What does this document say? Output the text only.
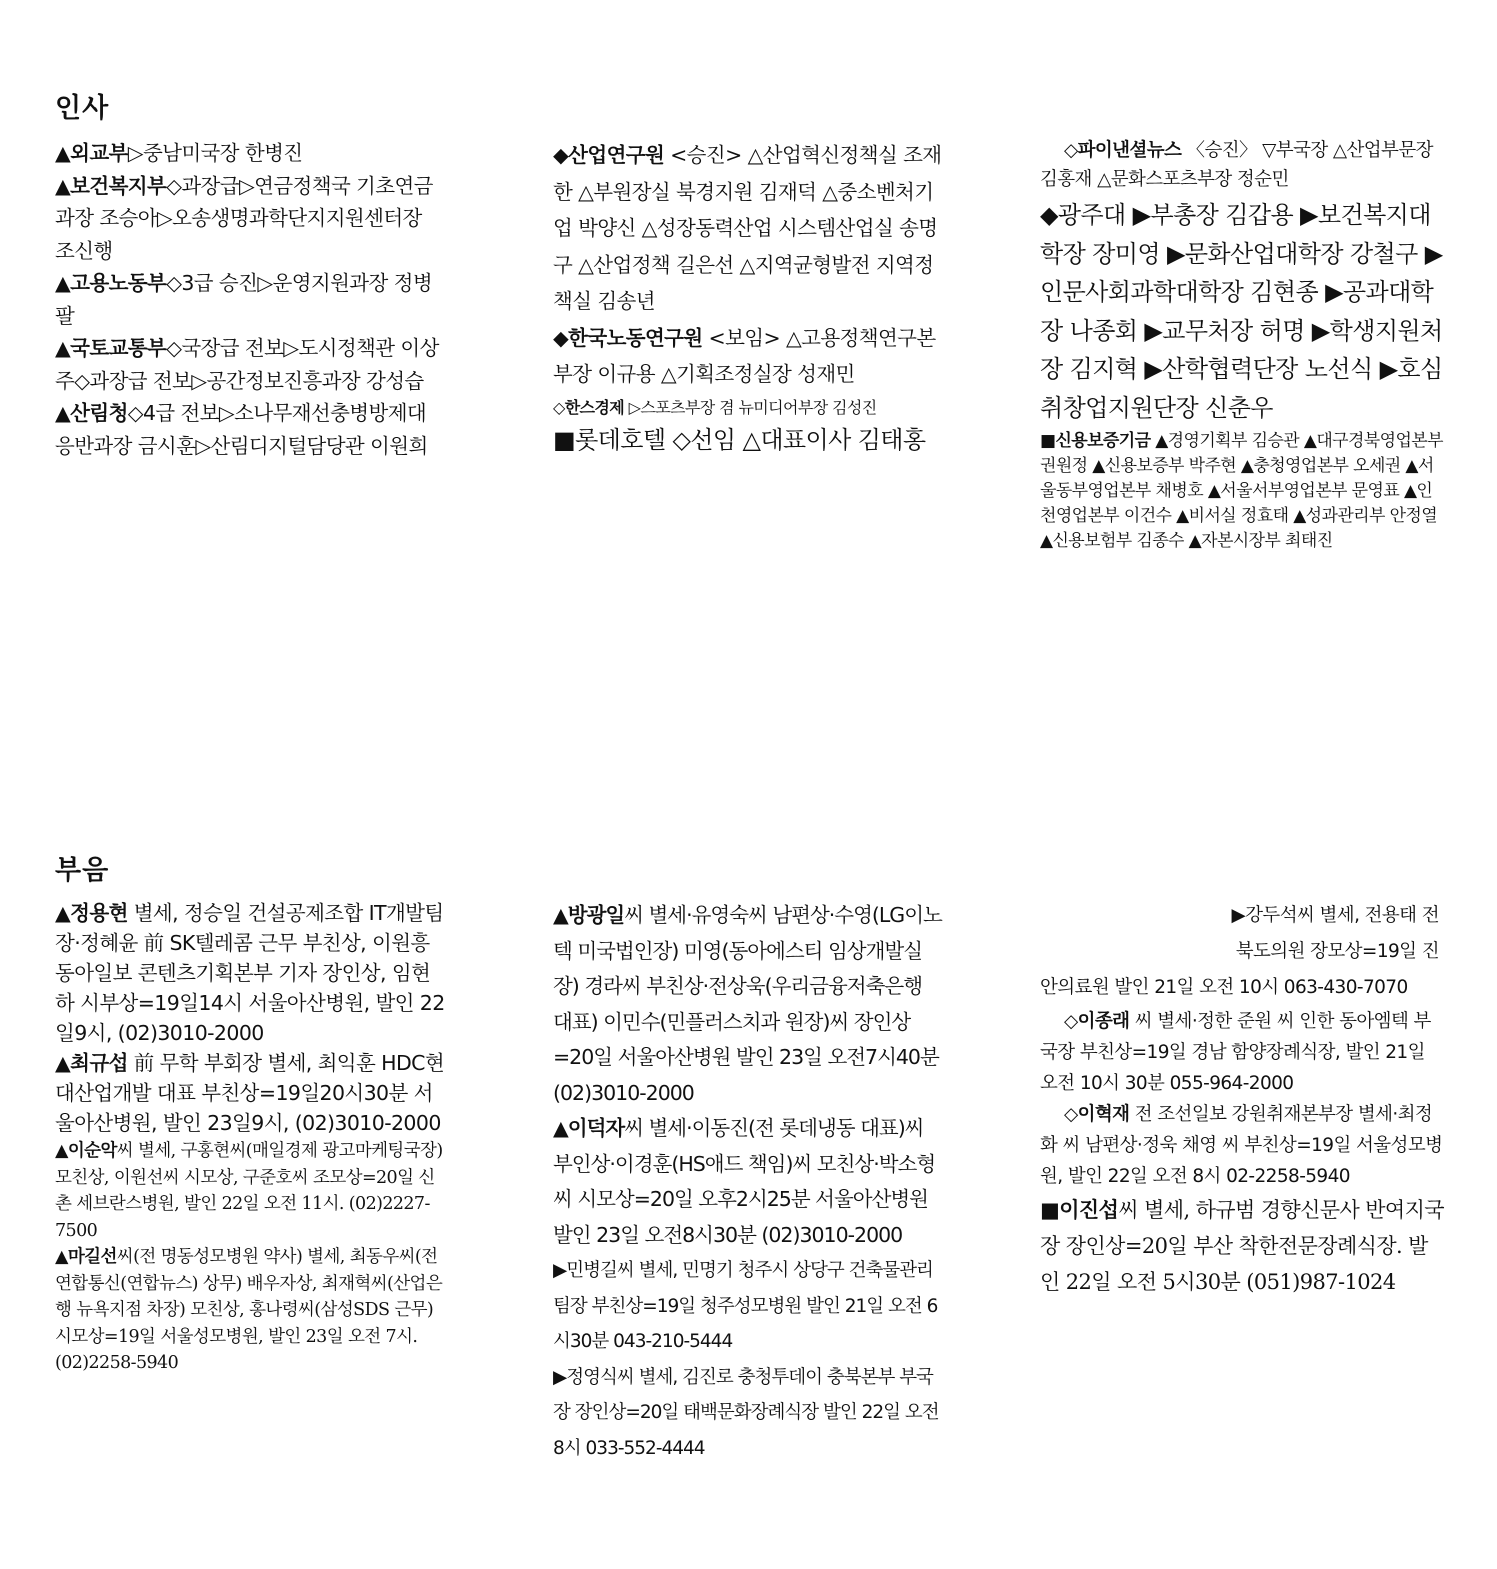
인사

▲외교부▷중남미국장 한병진

▲보건복지부◇과장급▷연금정책국 기초연금과장 조승아▷오송생명과학단지지원센터장 조신행

▲고용노동부◇3급 승진▷운영지원과장 정병팔

▲국토교통부◇국장급 전보▷도시정책관 이상주◇과장급 전보▷공간정보진흥과장 강성습

▲산림청◇4급 전보▷소나무재선충병방제대응반과장 금시훈▷산림디지털담당관 이원희

◆산업연구원 <승진> △산업혁신정책실 조재한 △부원장실 북경지원 김재덕 △중소벤처기업 박양신 △성장동력산업 시스템산업실 송명구 △산업정책 길은선 △지역균형발전 지역정책실 김송년

◆한국노동연구원 <보임> △고용정책연구본부장 이규용 △기획조정실장 성재민

◇한스경제 ▷스포츠부장 겸 뉴미디어부장 김성진

■롯데호텔 ◇선임 △대표이사 김태홍

◇파이낸셜뉴스 〈승진〉 ▽부국장 △산업부문장 김홍재 △문화스포츠부장 정순민

◆광주대 ▶부총장 김갑용 ▶보건복지대학장 장미영 ▶문화산업대학장 강철구 ▶인문사회과학대학장 김현종 ▶공과대학장 나종회 ▶교무처장 허명 ▶학생지원처장 김지혁 ▶산학협력단장 노선식 ▶호심취창업지원단장 신춘우

■신용보증기금 ▲경영기획부 김승관 ▲대구경북영업본부 권원정 ▲신용보증부 박주현 ▲충청영업본부 오세권 ▲서울동부영업본부 채병호 ▲서울서부영업본부 문영표 ▲인천영업본부 이건수 ▲비서실 정효태 ▲성과관리부 안정열 ▲신용보험부 김종수 ▲자본시장부 최태진

부음

▲정용현 별세, 정승일 건설공제조합 IT개발팀장·정혜윤 前 SK텔레콤 근무 부친상, 이원흥 동아일보 콘텐츠기획본부 기자 장인상, 임현하 시부상=19일14시 서울아산병원, 발인 22일9시, (02)3010-2000

▲최규섭 前 무학 부회장 별세, 최익훈 HDC현대산업개발 대표 부친상=19일20시30분 서울아산병원, 발인 23일9시, (02)3010-2000

▲이순악씨 별세, 구홍현씨(매일경제 광고마케팅국장) 모친상, 이원선씨 시모상, 구준호씨 조모상=20일 신촌 세브란스병원, 발인 22일 오전 11시. (02)2227-7500

▲마길선씨(전 명동성모병원 약사) 별세, 최동우씨(전 연합통신(연합뉴스) 상무) 배우자상, 최재혁씨(산업은행 뉴욕지점 차장) 모친상, 홍나령씨(삼성SDS 근무) 시모상=19일 서울성모병원, 발인 23일 오전 7시. (02)2258-5940

▲방광일씨 별세·유영숙씨 남편상·수영(LG이노텍 미국법인장) 미영(동아에스티 임상개발실장) 경라씨 부친상·전상욱(우리금융저축은행 대표) 이민수(민플러스치과 원장)씨 장인상=20일 서울아산병원 발인 23일 오전7시40분 (02)3010-2000

▲이덕자씨 별세·이동진(전 롯데냉동 대표)씨 부인상·이경훈(HS애드 책임)씨 모친상·박소형씨 시모상=20일 오후2시25분 서울아산병원 발인 23일 오전8시30분 (02)3010-2000

▶민병길씨 별세, 민명기 청주시 상당구 건축물관리팀장 부친상=19일 청주성모병원 발인 21일 오전 6시30분 043-210-5444

▶정영식씨 별세, 김진로 충청투데이 충북본부 부국장 장인상=20일 태백문화장례식장 발인 22일 오전 8시 033-552-4444

▶강두석씨 별세, 전용태 전

북도의원 장모상=19일 진

안의료원 발인 21일 오전 10시 063-430-7070

◇이종래 씨 별세·정한 준원 씨 인한 동아엠텍 부국장 부친상=19일 경남 함양장례식장, 발인 21일 오전 10시 30분 055-964-2000

◇이혁재 전 조선일보 강원취재본부장 별세·최정화 씨 남편상·정욱 채영 씨 부친상=19일 서울성모병원, 발인 22일 오전 8시 02-2258-5940

■이진섭씨 별세, 하규범 경향신문사 반여지국장 장인상=20일 부산 착한전문장례식장. 발인 22일 오전 5시30분 (051)987-1024
